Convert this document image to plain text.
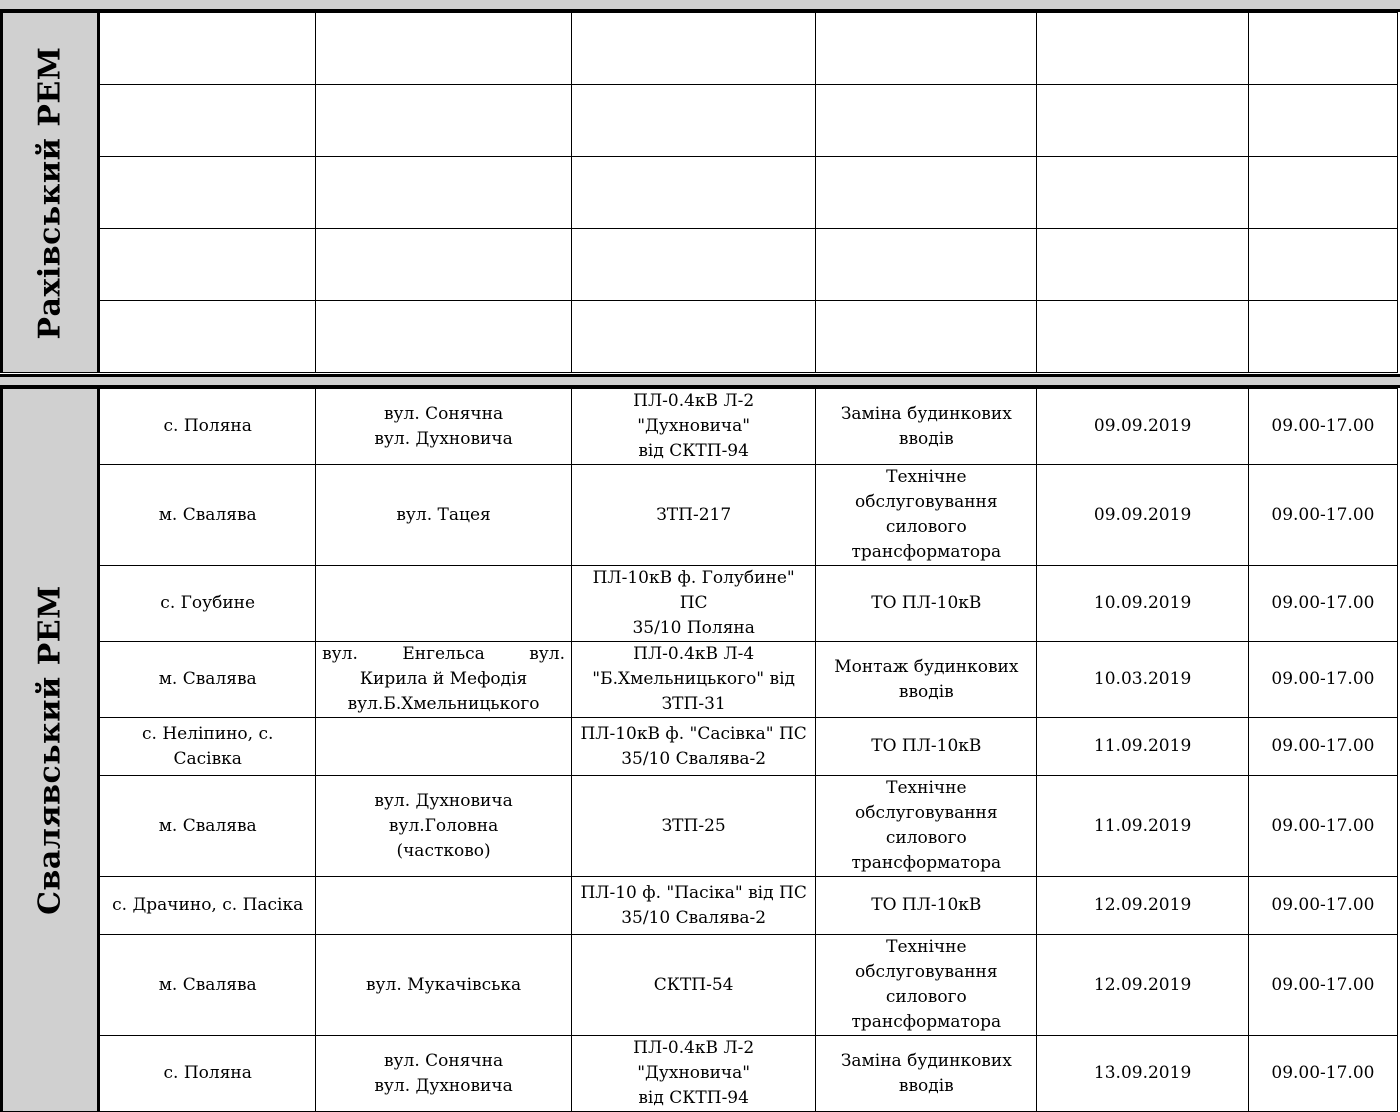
Рахівський РЕМ						

Свалявський РЕМ	с. Поляна	вул. Сонячна
вул. Духновича	ПЛ-0.4кВ Л-2 "Духновича"
від СКТП-94	Заміна будинкових
вводів	09.09.2019	09.00-17.00
	м. Свалява	вул. Тацея	ЗТП-217	Технічне
обслуговування
силового
трансформатора	09.09.2019	09.00-17.00
	с. Гоубине		ПЛ-10кВ ф. Голубине" ПС
35/10 Поляна	ТО ПЛ-10кВ	10.09.2019	09.00-17.00
	м. Свалява	вул. Енгельса вул.
Кирила й Мефодія
вул.Б.Хмельницького	ПЛ-0.4кВ Л-4
"Б.Хмельницького" від
ЗТП-31	Монтаж будинкових
вводів	10.03.2019	09.00-17.00
	с. Неліпино, с. Сасівка		ПЛ-10кВ ф. "Сасівка" ПС
35/10 Свалява-2	ТО ПЛ-10кВ	11.09.2019	09.00-17.00
	м. Свалява	вул. Духновича
вул.Головна
(частково)	ЗТП-25	Технічне
обслуговування
силового
трансформатора	11.09.2019	09.00-17.00
	с. Драчино, с. Пасіка		ПЛ-10 ф. "Пасіка" від ПС
35/10 Свалява-2	ТО ПЛ-10кВ	12.09.2019	09.00-17.00
	м. Свалява	вул. Мукачівська	СКТП-54	Технічне
обслуговування
силового
трансформатора	12.09.2019	09.00-17.00
	с. Поляна	вул. Сонячна
вул. Духновича	ПЛ-0.4кВ Л-2 "Духновича"
від СКТП-94	Заміна будинкових
вводів	13.09.2019	09.00-17.00
